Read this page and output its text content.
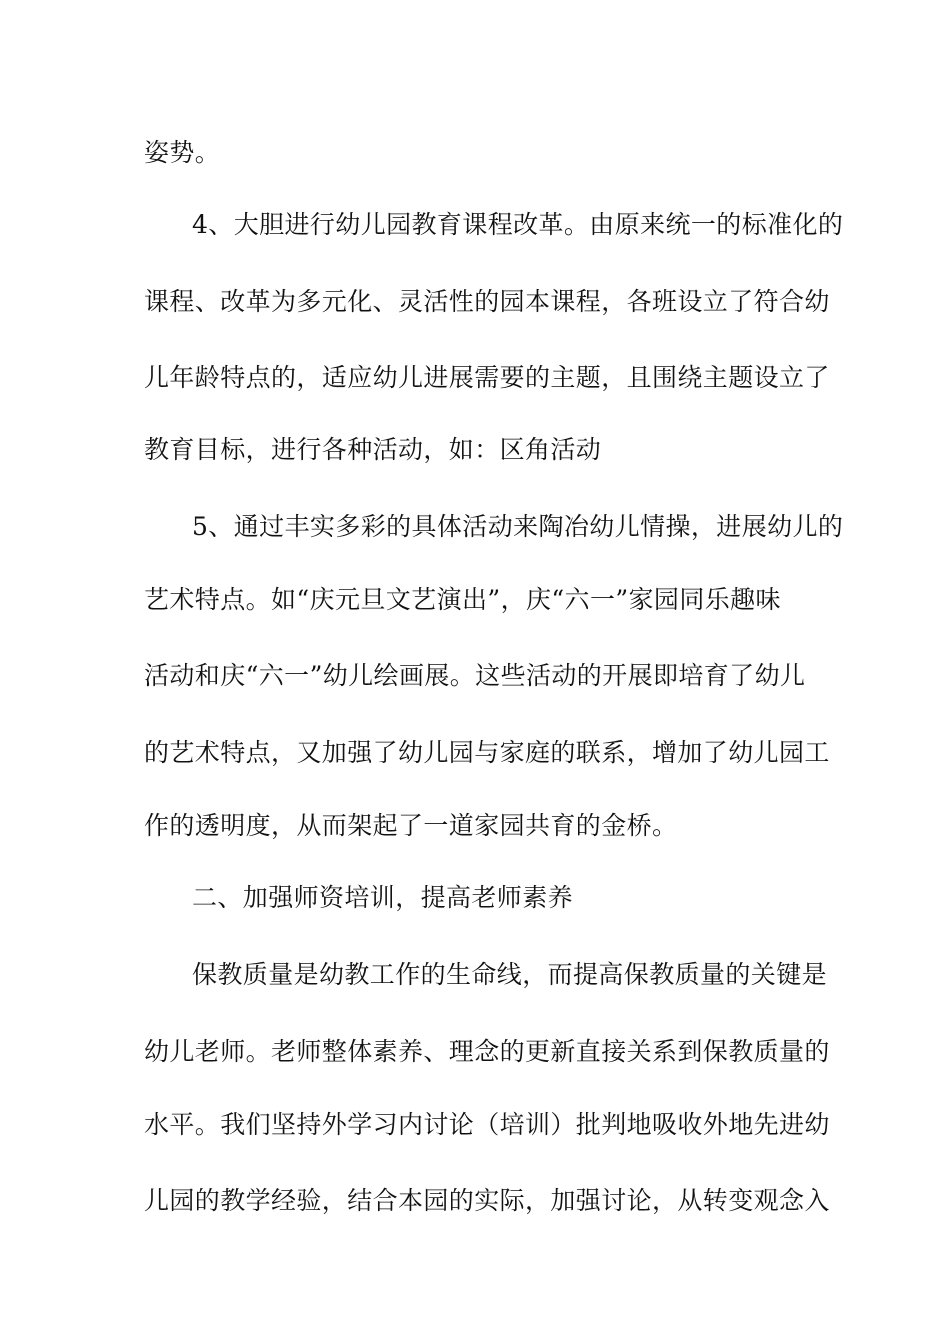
姿势。
4、大胆进行幼儿园教育课程改革。由原来统一的标准化的
课程、改革为多元化、灵活性的园本课程，各班设立了符合幼
儿年龄特点的，适应幼儿进展需要的主题，且围绕主题设立了
教育目标，进行各种活动，如：区角活动
5、通过丰实多彩的具体活动来陶冶幼儿情操，进展幼儿的
艺术特点。如“庆元旦文艺演出”，庆“六一”家园同乐趣味
活动和庆“六一”幼儿绘画展。这些活动的开展即培育了幼儿
的艺术特点，又加强了幼儿园与家庭的联系，增加了幼儿园工
作的透明度，从而架起了一道家园共育的金桥。
二、加强师资培训，提高老师素养
保教质量是幼教工作的生命线，而提高保教质量的关键是
幼儿老师。老师整体素养、理念的更新直接关系到保教质量的
水平。我们坚持外学习内讨论（培训）批判地吸收外地先进幼
儿园的教学经验，结合本园的实际，加强讨论，从转变观念入
